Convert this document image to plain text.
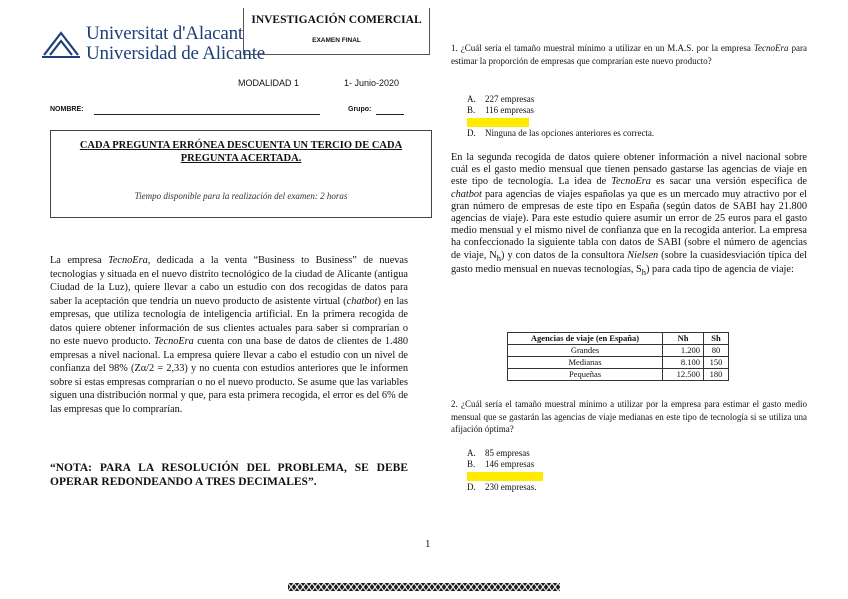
Universitat d'Alacant
Universidad de Alicante
INVESTIGACIÓN COMERCIAL
EXAMEN FINAL
MODALIDAD 1	1- Junio-2020
NOMBRE:	Grupo:
CADA PREGUNTA ERRÓNEA DESCUENTA UN TERCIO DE CADA
PREGUNTA ACERTADA.
Tiempo disponible para la realización del examen: 2 horas
La empresa TecnoEra, dedicada a la venta “Business to Business” de nuevas tecnologías y situada en el nuevo distrito tecnológico de la ciudad de Alicante (antigua Ciudad de la Luz), quiere llevar a cabo un estudio con dos recogidas de datos para saber la aceptación que tendría un nuevo producto de asistente virtual (chatbot) en las empresas, que utiliza tecnología de inteligencia artificial. En la primera recogida de datos quiere obtener información de sus clientes actuales para saber si comprarían o no este nuevo producto. TecnoEra cuenta con una base de datos de clientes de 1.480 empresas a nivel nacional. La empresa quiere llevar a cabo el estudio con un nivel de confianza del 98% (Zα/2 = 2,33) y no cuenta con estudios anteriores que le informen sobre si estas empresas comprarían o no el nuevo producto. Se asume que las variables siguen una distribución normal y que, para esta primera recogida, el error es del 6% de las empresas que lo comprarían.
“NOTA: PARA LA RESOLUCIÓN DEL PROBLEMA, SE DEBE OPERAR REDONDEANDO A TRES DECIMALES”.
1. ¿Cuál sería el tamaño muestral mínimo a utilizar en un M.A.S. por la empresa TecnoEra para estimar la proporción de empresas que comprarían este nuevo producto?
A. 227 empresas
B. 116 empresas
D. Ninguna de las opciones anteriores es correcta.
En la segunda recogida de datos quiere obtener información a nivel nacional sobre cuál es el gasto medio mensual que tienen pensado gastarse las agencias de viaje en este tipo de tecnología. La idea de TecnoEra es sacar una versión específica de chatbot para agencias de viajes españolas ya que es un mercado muy atractivo por el gran número de empresas de este tipo en España (según datos de SABI hay 21.800 agencias de viaje). Para este estudio quiere asumir un error de 25 euros para el gasto medio mensual y el mismo nivel de confianza que en la recogida anterior. La empresa ha confeccionado la siguiente tabla con datos de SABI (sobre el número de agencias de viaje, $N_h$) y con datos de la consultora Nielsen (sobre la cuasidesviación típica del gasto medio mensual en nuevas tecnologías, $S_h$) para cada tipo de agencia de viaje:
Agencias de viaje (en España)	Nh	Sh
Grandes	1.200	80
Medianas	8.100	150
Pequeñas	12.500	180
2. ¿Cuál sería el tamaño muestral mínimo a utilizar por la empresa para estimar el gasto medio mensual que se gastarán las agencias de viaje medianas en este tipo de tecnología si se utiliza una afijación óptima?
A. 85 empresas
B. 146 empresas
D. 230 empresas.
1
